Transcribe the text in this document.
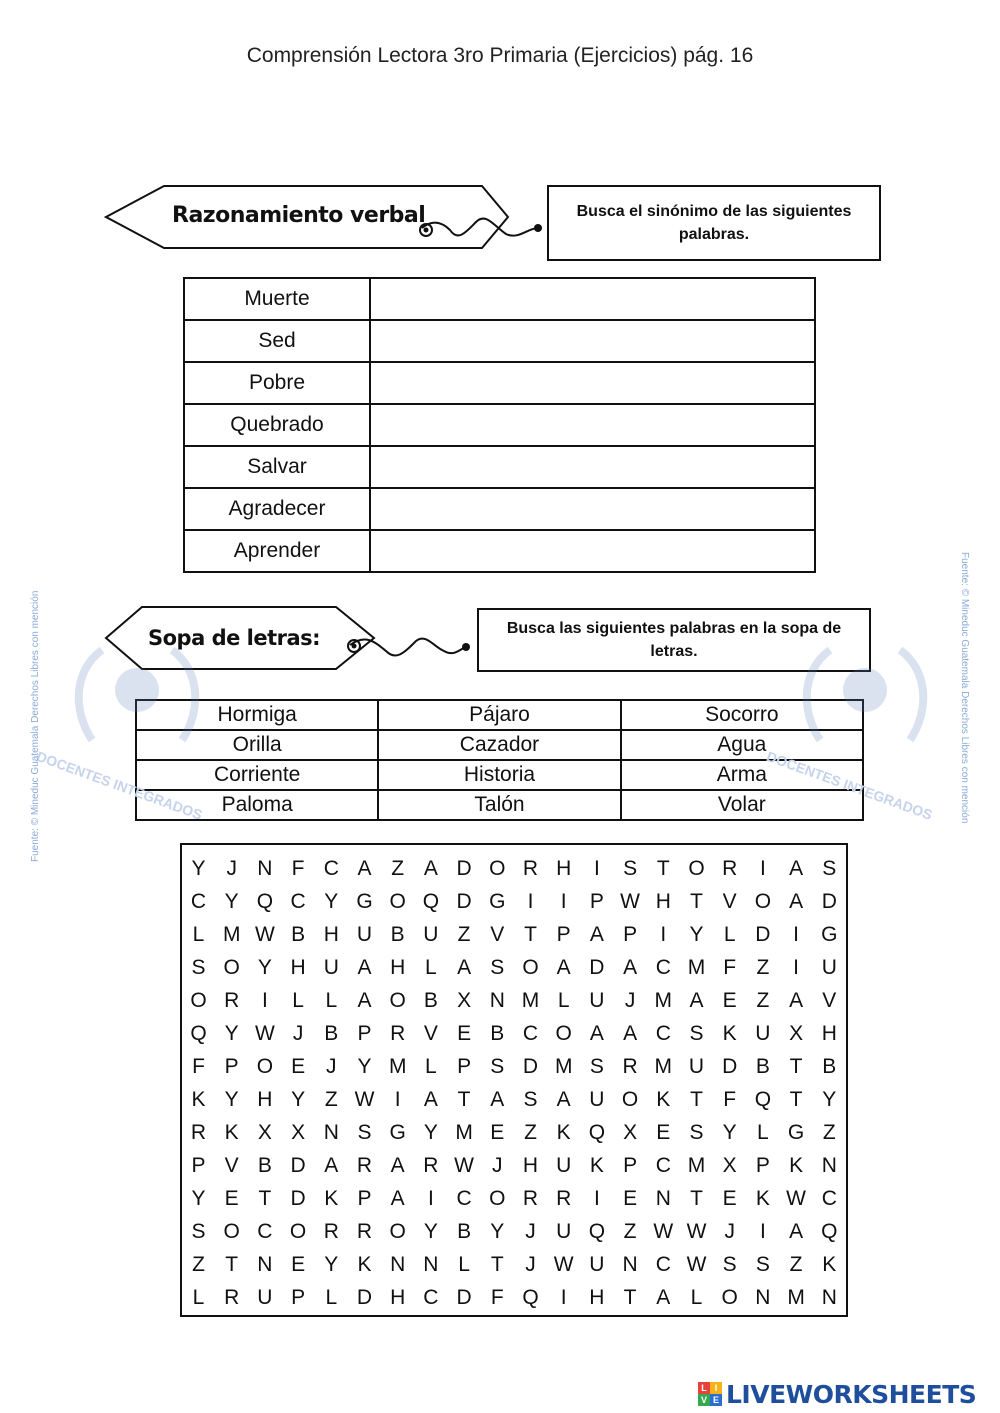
Comprensión Lectora 3ro Primaria (Ejercicios) pág. 16
Razonamiento verbal	Busca el sinónimo de las siguientes palabras.
Muerte	
Sed	
Pobre	
Quebrado	
Salvar	
Agradecer	
Aprender	
Sopa de letras:	Busca las siguientes palabras en la sopa de letras.
Hormiga	Pájaro	Socorro
Orilla	Cazador	Agua
Corriente	Historia	Arma
Paloma	Talón	Volar
Y J N F C A Z A D O R H	I	S T O R	I	A S
C Y Q C Y G O Q D G	I	I	P W H T V O A D
L M W B H U B U Z V T P A P	I	Y L D	I	G
S O Y H U A H L A S O A D A C M F Z	I	U
O R	I	L	L A O B X N M L U J M A E Z A V
Q Y W J B P R V E B C O A A C S K U X H
F P O E J Y M L P S D M S R M U D B T B
K Y H Y Z W I	A T A S A U O K T F Q T Y
R K X X N S G Y M E Z K Q X E S Y L G Z
P V B D A R A R W J H U K P C M X P K N
Y E T D K P A	I	C O R R	I	E N T E K W C
S O C O R R O Y B Y J U Q Z W W J	I	A Q
Z T N E Y K N N L T	J W U N C W S S Z K
L R U P L D H C D F Q	I	H T A L O N M N
DOCENTES INTEGRADOS	DOCENTES INTEGRADOS
Fuente: © Mineduc Guatemala Derechos Libres con mención	Fuente: © Mineduc Guatemala Derechos Libres con mención
L I
V E LIVEWORKSHEETS
